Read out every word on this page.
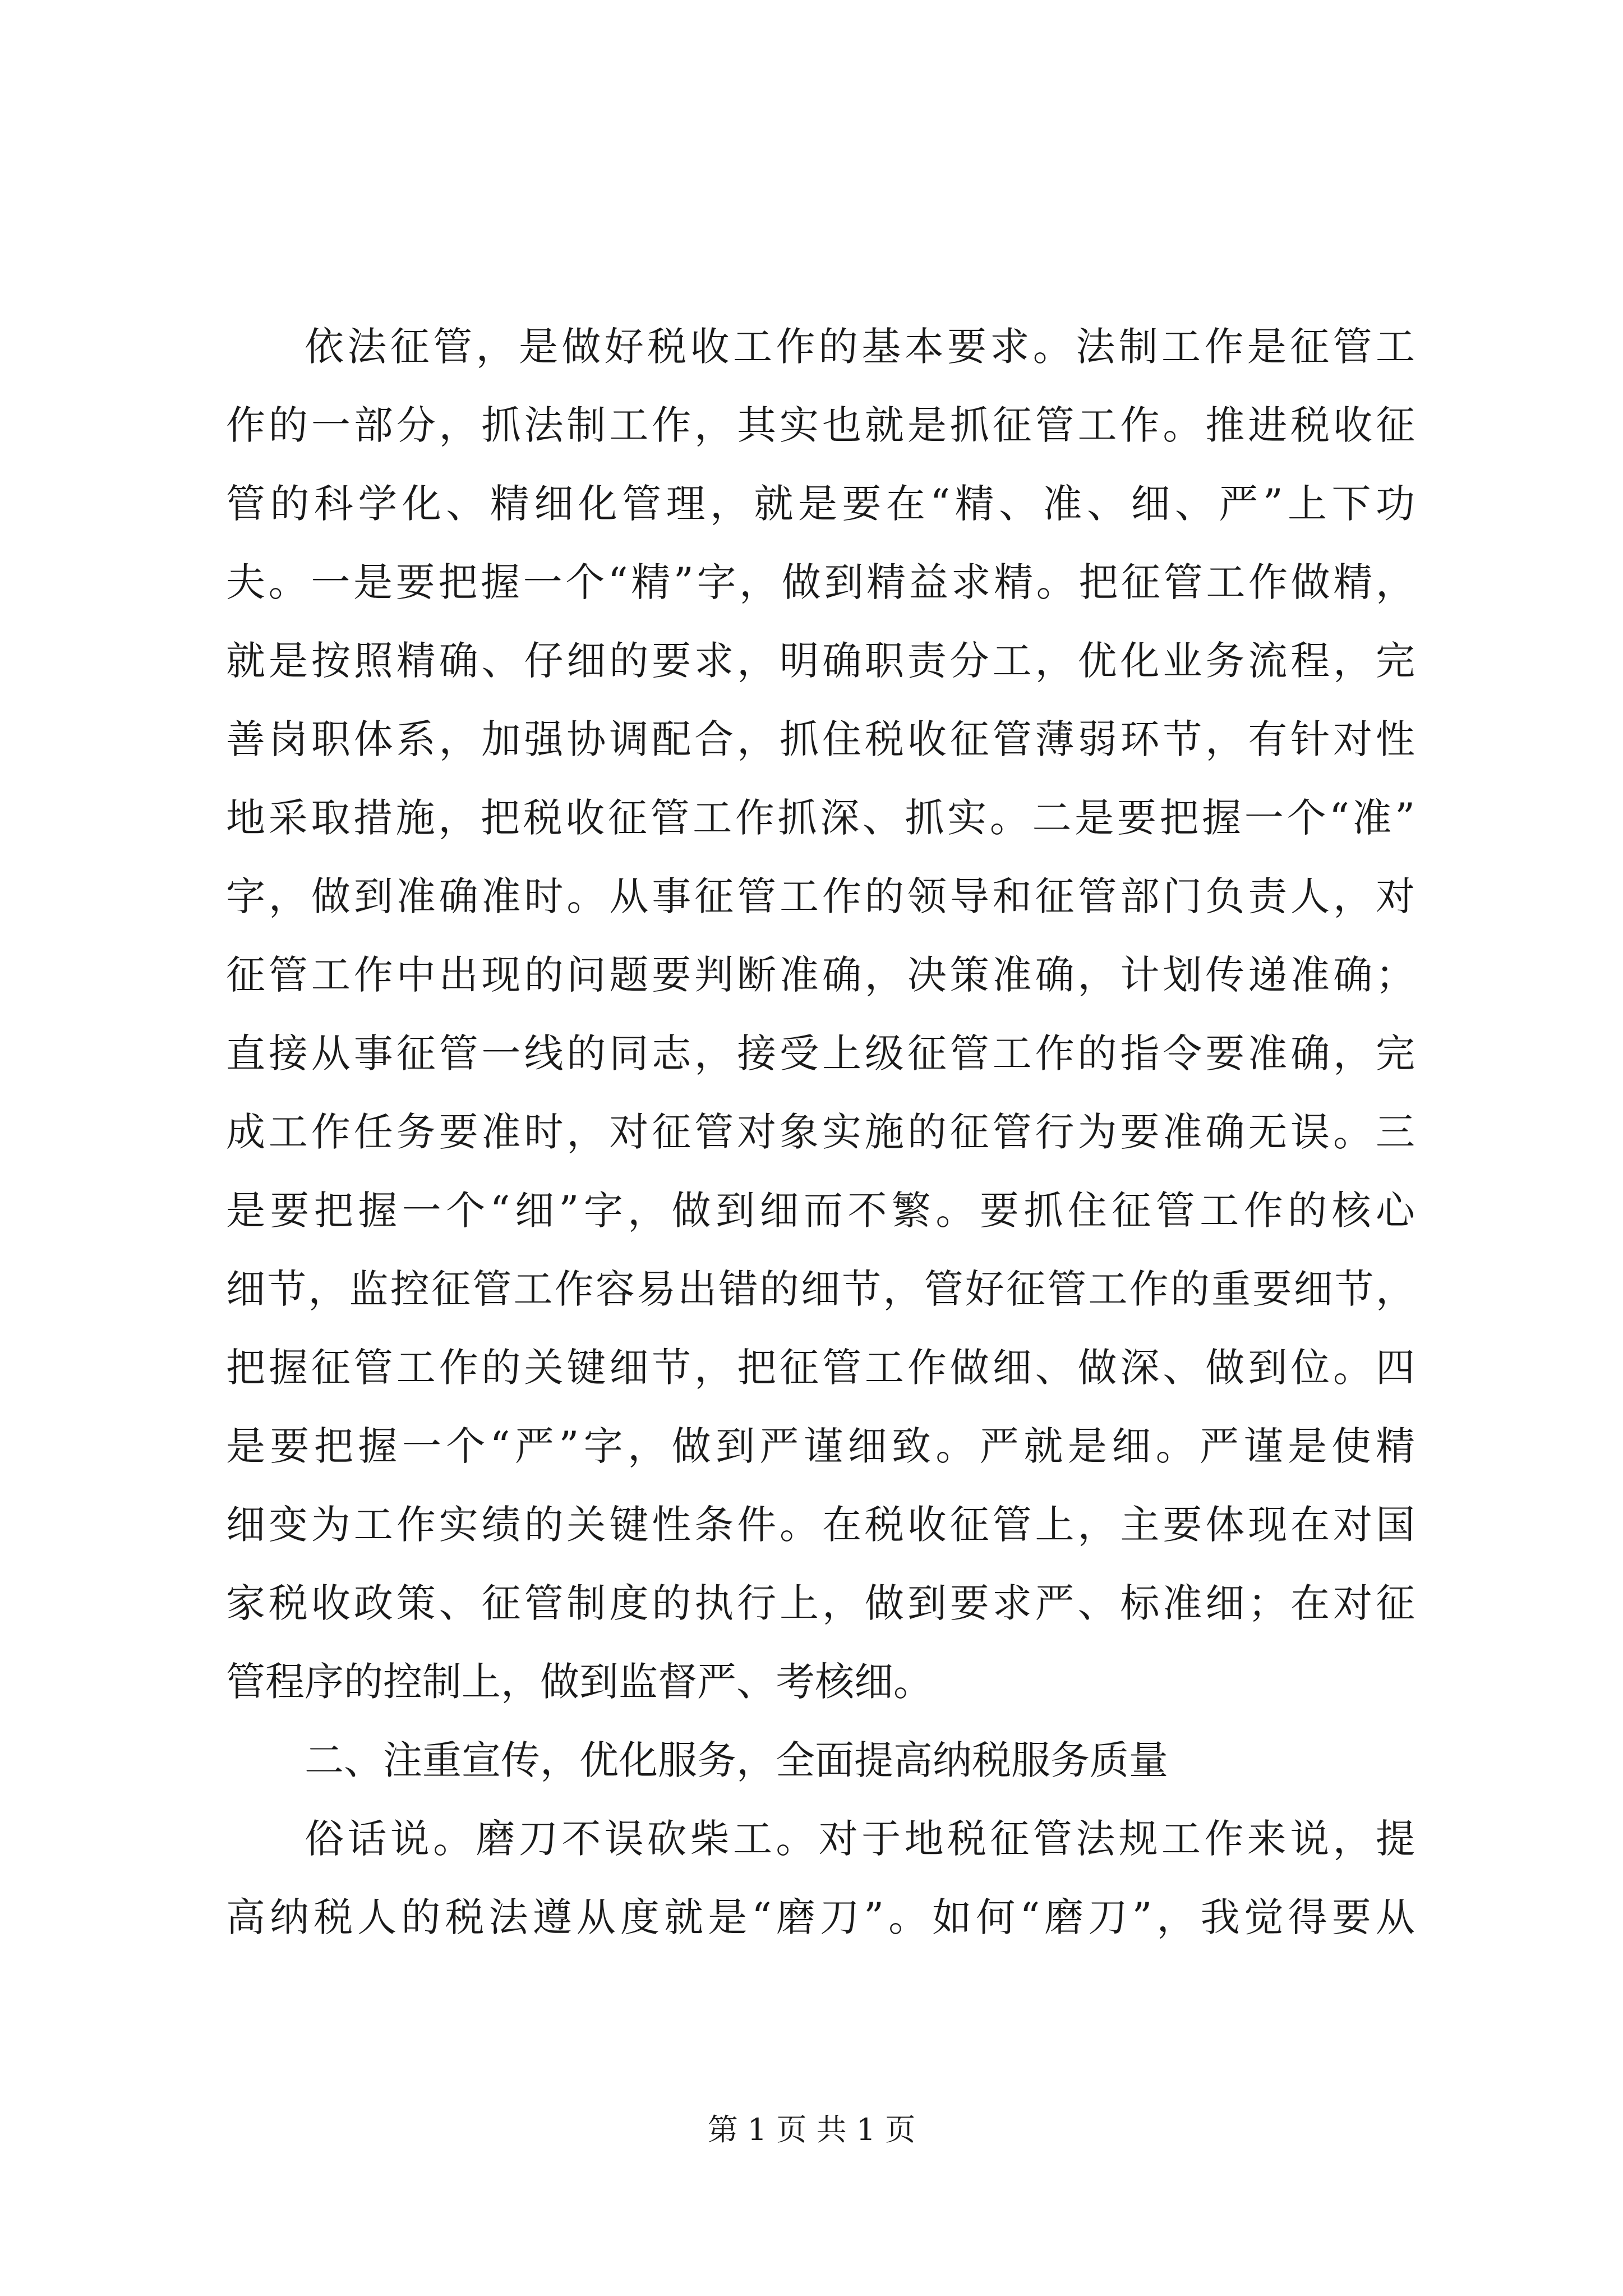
依法征管，是做好税收工作的基本要求。法制工作是征管工
作的一部分，抓法制工作，其实也就是抓征管工作。推进税收征
管的科学化、精细化管理，就是要在“精、准、细、严”上下功
夫。一是要把握一个“精”字，做到精益求精。把征管工作做精，
就是按照精确、仔细的要求，明确职责分工，优化业务流程，完
善岗职体系，加强协调配合，抓住税收征管薄弱环节，有针对性
地采取措施，把税收征管工作抓深、抓实。二是要把握一个“准”
字，做到准确准时。从事征管工作的领导和征管部门负责人，对
征管工作中出现的问题要判断准确，决策准确，计划传递准确；
直接从事征管一线的同志，接受上级征管工作的指令要准确，完
成工作任务要准时，对征管对象实施的征管行为要准确无误。三
是要把握一个“细”字，做到细而不繁。要抓住征管工作的核心
细节，监控征管工作容易出错的细节，管好征管工作的重要细节，
把握征管工作的关键细节，把征管工作做细、做深、做到位。四
是要把握一个“严”字，做到严谨细致。严就是细。严谨是使精
细变为工作实绩的关键性条件。在税收征管上，主要体现在对国
家税收政策、征管制度的执行上，做到要求严、标准细；在对征
管程序的控制上，做到监督严、考核细。
二、注重宣传，优化服务，全面提高纳税服务质量
俗话说。磨刀不误砍柴工。对于地税征管法规工作来说，提
高纳税人的税法遵从度就是“磨刀”。如何“磨刀”，我觉得要从
第 1 页 共 1 页
